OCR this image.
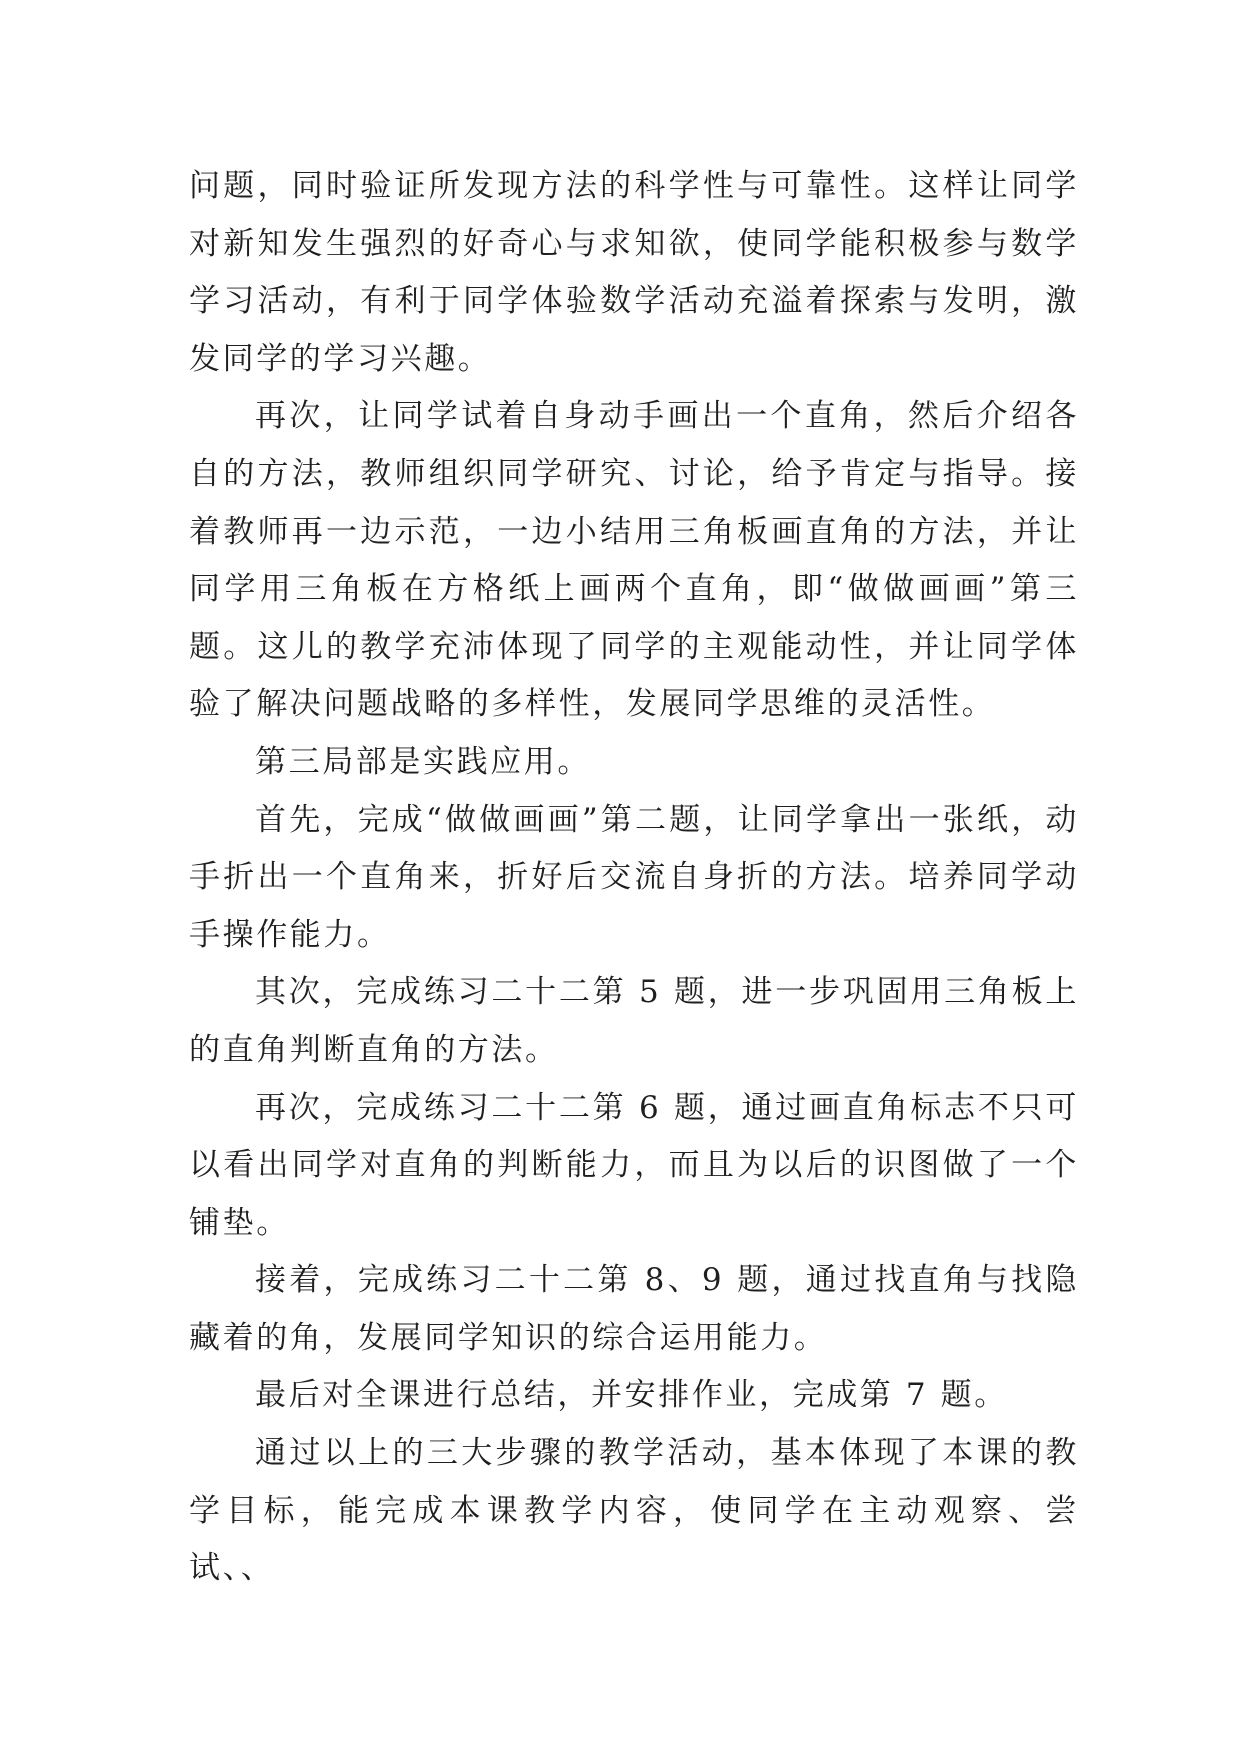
问题，同时验证所发现方法的科学性与可靠性。这样让同学对新知发生强烈的好奇心与求知欲，使同学能积极参与数学学习活动，有利于同学体验数学活动充溢着探索与发明，激发同学的学习兴趣。

再次，让同学试着自身动手画出一个直角，然后介绍各自的方法，教师组织同学研究、讨论，给予肯定与指导。接着教师再一边示范，一边小结用三角板画直角的方法，并让同学用三角板在方格纸上画两个直角，即“做做画画”第三题。这儿的教学充沛体现了同学的主观能动性，并让同学体验了解决问题战略的多样性，发展同学思维的灵活性。

第三局部是实践应用。

首先，完成“做做画画”第二题，让同学拿出一张纸，动手折出一个直角来，折好后交流自身折的方法。培养同学动手操作能力。

其次，完成练习二十二第 5 题，进一步巩固用三角板上的直角判断直角的方法。

再次，完成练习二十二第 6 题，通过画直角标志不只可以看出同学对直角的判断能力，而且为以后的识图做了一个铺垫。

接着，完成练习二十二第 8、9 题，通过找直角与找隐藏着的角，发展同学知识的综合运用能力。

最后对全课进行总结，并安排作业，完成第 7 题。

通过以上的三大步骤的教学活动，基本体现了本课的教学目标，能完成本课教学内容，使同学在主动观察、尝试、、
